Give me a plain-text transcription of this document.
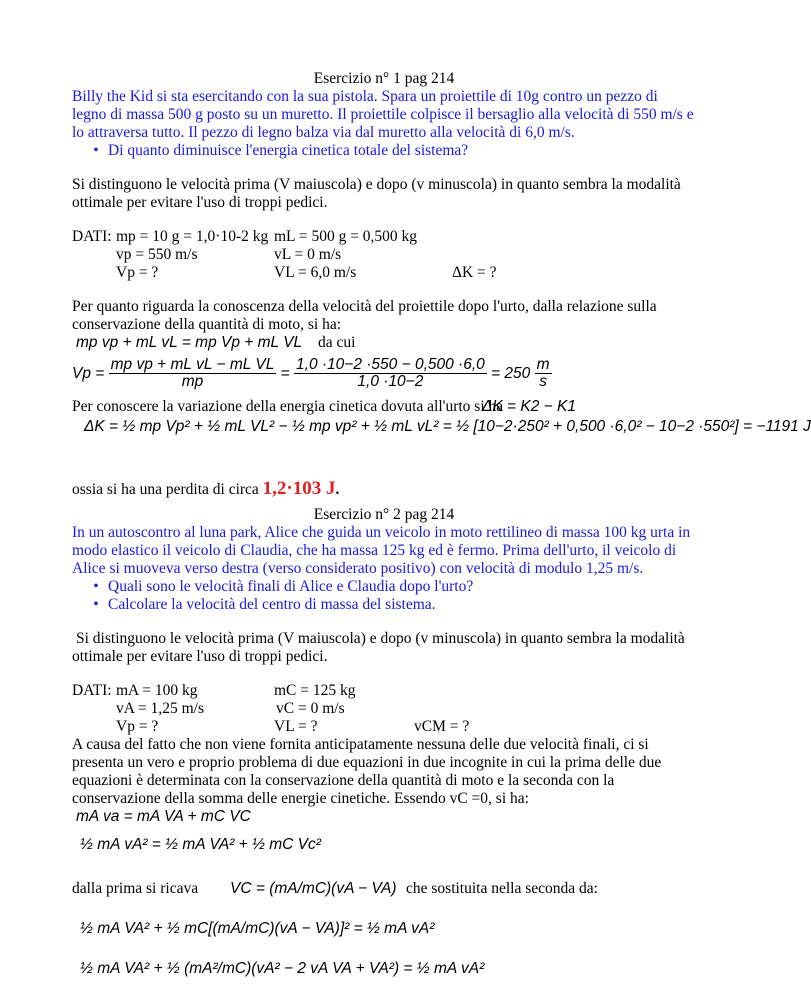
Esercizio n° 1 pag 214
Billy the Kid si sta esercitando con la sua pistola. Spara un proiettile di 10g contro un pezzo di
legno di massa 500 g posto su un muretto. Il proiettile colpisce il bersaglio alla velocità di 550 m/s e
lo attraversa tutto. Il pezzo di legno balza via dal muretto alla velocità di 6,0 m/s.
• Di quanto diminuisce l'energia cinetica totale del sistema?
Si distinguono le velocità prima (V maiuscola) e dopo (v minuscola) in quanto sembra la modalità
ottimale per evitare l'uso di troppi pedici.
DATI: mp = 10 g = 1,0·10-2 kg
vp = 550 m/s
Vp = ?
mL = 500 g = 0,500 kg
vL = 0 m/s
VL = 6,0 m/s	ΔK = ?
Per quanto riguarda la conoscenza della velocità del proiettile dopo l'urto, dalla relazione sulla
conservazione della quantità di moto, si ha:
mp vp + mL vL = mp Vp + mL VL da cui
$Vp = \frac{\text{mp vp + mL vL − mL VL}}{mp} = \frac{1,0 \cdot 10-2 \cdot 550 - 0,500 \cdot 6,0}{1,0 \cdot 10-2} = 250 \frac{m}{s}$
Per conoscere la variazione della energia cinetica dovuta all'urto si ha
ΔK = K2 − K1
ΔK = ½ mp Vp² + ½ mL VL² − ½ mp vp² + ½ mL vL² = ½ [10−2·250² + 0,500 ·6,0² − 10−2 ·550²] = −1191 J
ossia si ha una perdita di circa 1,2·103 J.
Esercizio n° 2 pag 214
In un autoscontro al luna park, Alice che guida un veicolo in moto rettilineo di massa 100 kg urta in
modo elastico il veicolo di Claudia, che ha massa 125 kg ed è fermo. Prima dell'urto, il veicolo di
Alice si muoveva verso destra (verso considerato positivo) con velocità di modulo 1,25 m/s.
• Quali sono le velocità finali di Alice e Claudia dopo l'urto?
• Calcolare la velocità del centro di massa del sistema.
Si distinguono le velocità prima (V maiuscola) e dopo (v minuscola) in quanto sembra la modalità
ottimale per evitare l'uso di troppi pedici.
DATI: mA = 100 kg
vA = 1,25 m/s
Vp = ?
mC = 125 kg
vC = 0 m/s
VL = ?	vCM = ?
A causa del fatto che non viene fornita anticipatamente nessuna delle due velocità finali, ci si
presenta un vero e proprio problema di due equazioni in due incognite in cui la prima delle due
equazioni è determinata con la conservazione della quantità di moto e la seconda con la
conservazione della somma delle energie cinetiche. Essendo vC =0, si ha:
mA va = mA VA + mC VC
½ mA vA² = ½ mA VA² + ½ mC Vc²
dalla prima si ricava VC = (mA/mC)(vA − VA) che sostituita nella seconda da:
½ mA VA² + ½ mC[(mA/mC)(vA − VA)]² = ½ mA vA²
½ mA VA² + ½ (mA²/mC)(vA² − 2 vA VA + VA²) = ½ mA vA²
